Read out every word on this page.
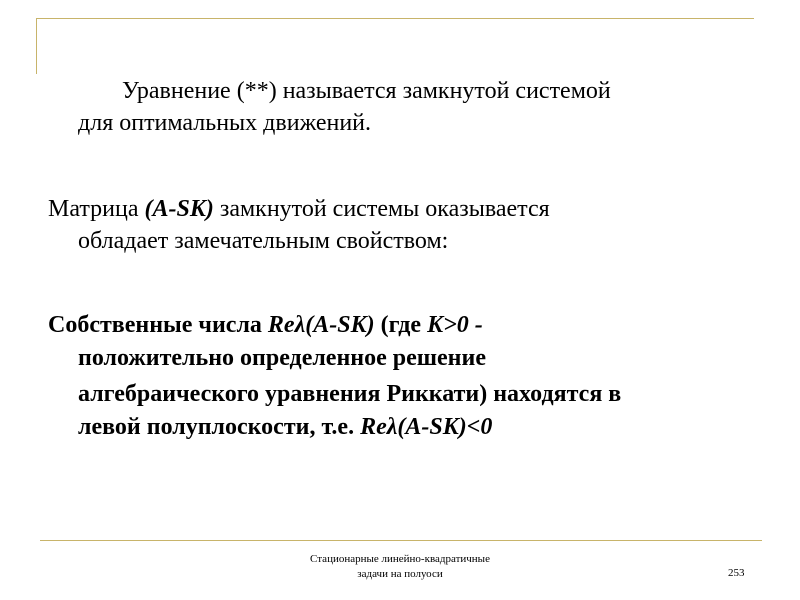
Уравнение (**) называется замкнутой системой
для оптимальных движений.
Матрица (A-SK) замкнутой системы оказывается
обладает замечательным свойством:
Собственные числа Reλ(A-SK) (где K>0 -
положительно определенное решение
алгебраического уравнения Риккати) находятся в
левой полуплоскости, т.е. Reλ(A-SK)<0
Стационарные линейно-квадратичные
задачи на полуоси	253
